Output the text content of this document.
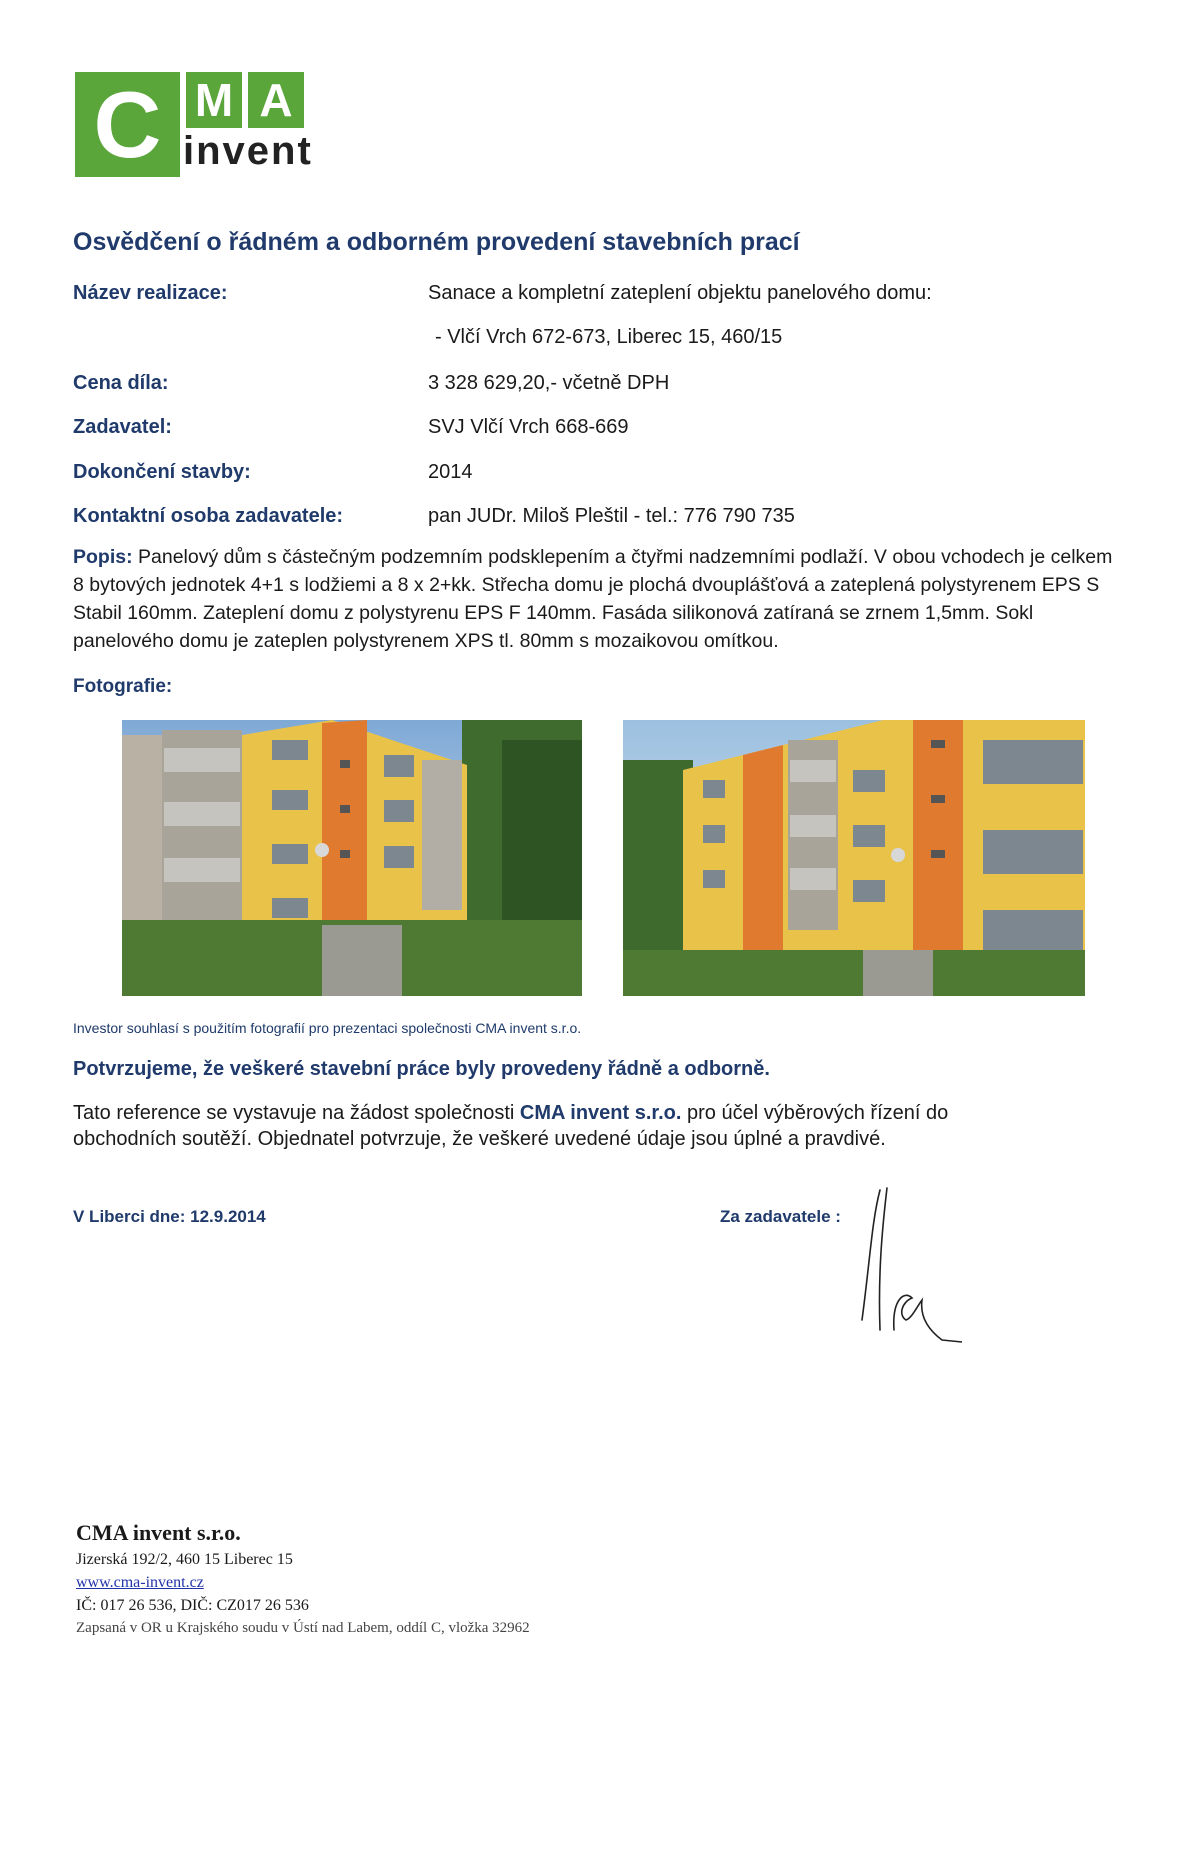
C M A
invent
Osvědčení o řádném a odborném provedení stavebních prací
Název realizace:	Sanace a kompletní zateplení objektu panelového domu:
- Vlčí Vrch 672-673, Liberec 15, 460/15
Cena díla:	3 328 629,20,- včetně DPH
Zadavatel:	SVJ Vlčí Vrch 668-669
Dokončení stavby:	2014
Kontaktní osoba zadavatele:	pan JUDr. Miloš Pleštil - tel.: 776 790 735
Popis: Panelový dům s částečným podzemním podsklepením a čtyřmi nadzemními podlaží. V obou vchodech je celkem 8 bytových jednotek 4+1 s lodžiemi a 8 x 2+kk. Střecha domu je plochá dvouplášťová a zateplená polystyrenem EPS S Stabil 160mm. Zateplení domu z polystyrenu EPS F 140mm. Fasáda silikonová zatíraná se zrnem 1,5mm. Sokl panelového domu je zateplen polystyrenem XPS tl. 80mm s mozaikovou omítkou.
Fotografie:
Investor souhlasí s použitím fotografií pro prezentaci společnosti CMA invent s.r.o.
Potvrzujeme, že veškeré stavební práce byly provedeny řádně a odborně.
Tato reference se vystavuje na žádost společnosti CMA invent s.r.o. pro účel výběrových řízení do obchodních soutěží. Objednatel potvrzuje, že veškeré uvedené údaje jsou úplné a pravdivé.
V Liberci dne: 12.9.2014	Za zadavatele :
CMA invent s.r.o.
Jizerská 192/2, 460 15 Liberec 15
www.cma-invent.cz
IČ: 017 26 536, DIČ: CZ017 26 536
Zapsaná v OR u Krajského soudu v Ústí nad Labem, oddíl C, vložka 32962
